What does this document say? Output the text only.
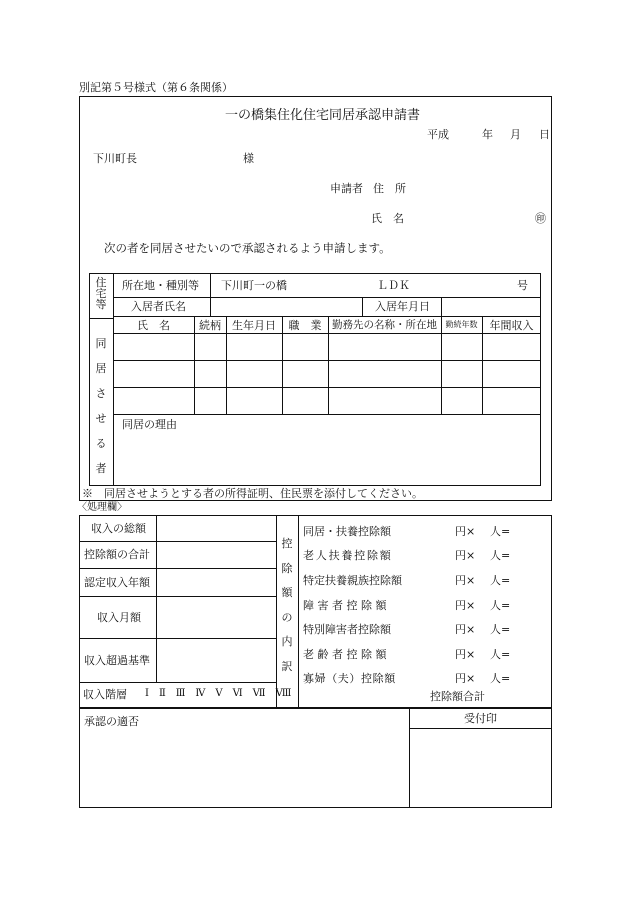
別記第５号様式（第６条関係）
一の橋集住化住宅同居承認申請書
平成	年 月 日
下川町長	様
申請者 住　所
氏　名	㊞
次の者を同居させたいので承認されるよう申請します。
住
宅
等
同
居
さ
せ
る
者
所在地・種別等 下川町一の橋	ＬＤＫ	号
入居者氏名	入居年月日
氏　名	続柄	生年月日	職　業	勤務先の名称・所在地	勤続年数	年間収入
同居の理由
※　同居させようとする者の所得証明、住民票を添付してください。
〈処理欄〉
収入の総額
控除額の合計
認定収入年額
収入月額
収入超過基準
収入階層 Ⅰ　Ⅱ　Ⅲ　Ⅳ　Ⅴ　Ⅵ　Ⅶ　Ⅷ
控
除
額
の
内
訳
同居・扶養控除額	円× 人=
老人扶養控除額	円× 人=
特定扶養親族控除額	円× 人=
障害者控除額	円× 人=
特別障害者控除額	円× 人=
老齢者控除額	円× 人=
寡婦（夫）控除額	円× 人=
控除額合計
承認の適否	受付印
